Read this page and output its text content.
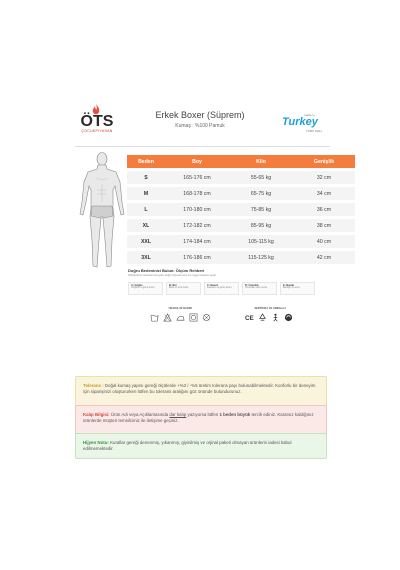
ÖTS
ÇOCUKPIYASAN
Erkek Boxer (Süprem)
Kumaş : %100 Pamuk
made in
Turkey
TÜRK MALI
Beden	Boy	Kilo	Genişlik
S	165-176 cm	55-65 kg	32 cm
M	168-178 cm	65-75 kg	34 cm
L	170-180 cm	75-85 kg	36 cm
XL	172-182 cm	85-95 kg	38 cm
XXL	174-184 cm	105-115 kg	40 cm
3XL	176-186 cm	115-125 kg	42 cm
Doğru Bedeninizi Bulun: Ölçüm Rehberi
Ölçülerinizi vücudunuza göre doğru ölçerek size en uygun bedeni seçin.
A: Göğüs
Göğsün en geniş kısmı.
B: Bel
Belin en ince kısmı.
C: Basen
Kalçanın en geniş kısmı.
D: Uzunluk
Omuzdan etek ucuna.
E: Basak
Bacağın iç kısmı.
YIKAMA VE BAKIM	SERTİFİKA VE AMBALAJ
CE
Tolerans : Doğal kumaş yapısı gereği ölçülerde +%3 / -%5 üretim tolerans payı bulunabilmektedir. Konforlu bir deneyim için siparişinizi oluştururken lütfen bu tolerans aralığını göz önünde bulundurunuz.
Kalıp Bilgisi: Ürün Adı veya Açıklamasında dar kalıp yazıyorsa lütfen 1 beden büyük tercih ediniz. Kararsız kaldığınız ürünlerde müşteri temsilcimiz ile iletişime geçiniz.
Hijyen Notu: Kurallar gereği denenmiş, yıkanmış, giyinilmiş ve orjinal paketi olmayan ürünlerin iadesi kabul edilmemektedir.
